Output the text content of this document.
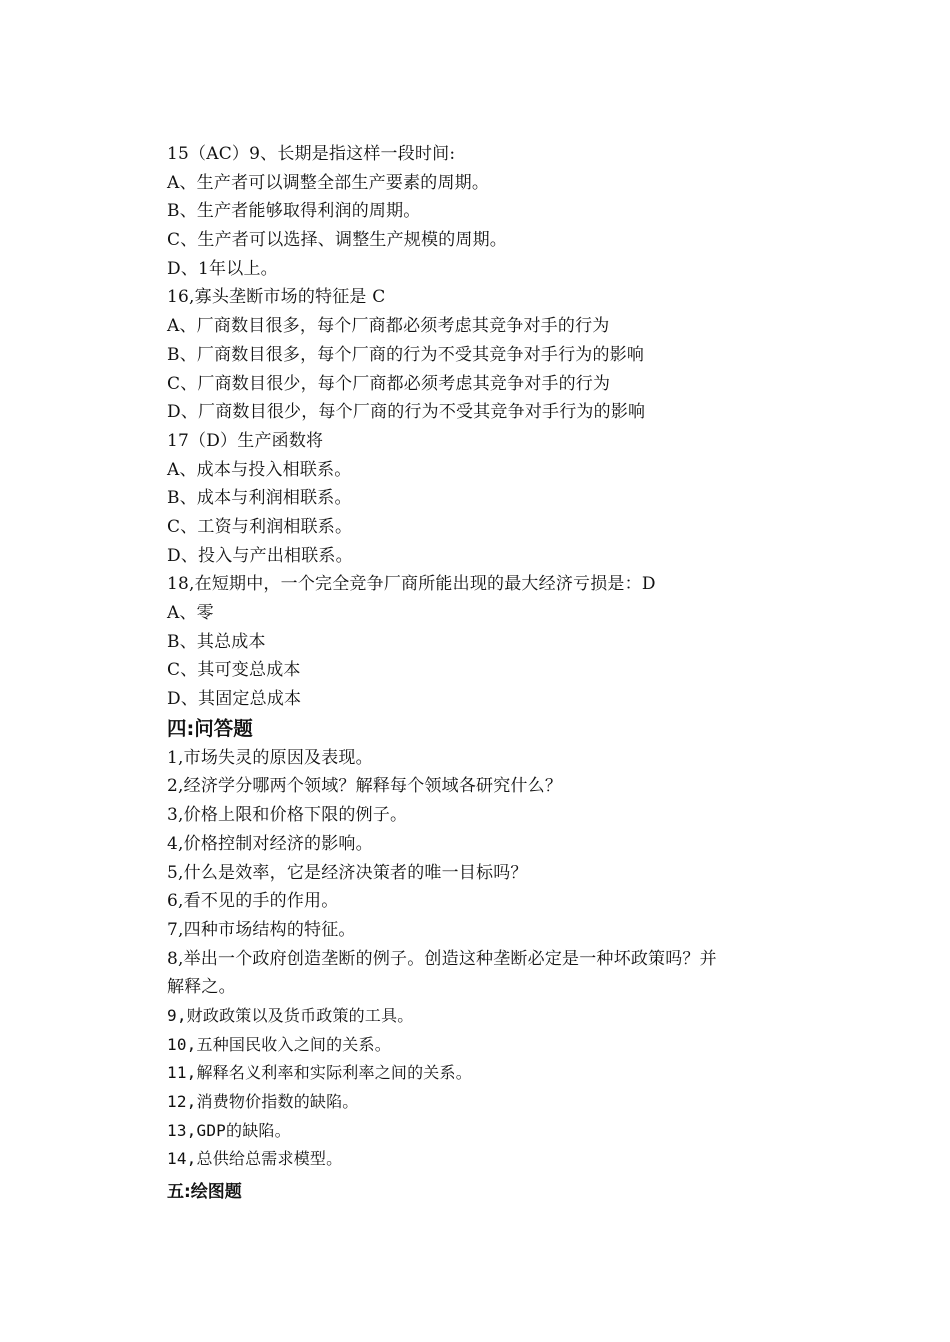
15（AC）9、长期是指这样一段时间:
A、生产者可以调整全部生产要素的周期。
B、生产者能够取得利润的周期。
C、生产者可以选择、调整生产规模的周期。
D、1年以上。
16,寡头垄断市场的特征是 C
A、厂商数目很多，每个厂商都必须考虑其竞争对手的行为
B、厂商数目很多，每个厂商的行为不受其竞争对手行为的影响
C、厂商数目很少，每个厂商都必须考虑其竞争对手的行为
D、厂商数目很少，每个厂商的行为不受其竞争对手行为的影响
17（D）生产函数将
A、成本与投入相联系。
B、成本与利润相联系。
C、工资与利润相联系。
D、投入与产出相联系。
18,在短期中，一个完全竞争厂商所能出现的最大经济亏损是：D
A、零
B、其总成本
C、其可变总成本
D、其固定总成本
四:问答题
1,市场失灵的原因及表现。
2,经济学分哪两个领域？解释每个领域各研究什么？
3,价格上限和价格下限的例子。
4,价格控制对经济的影响。
5,什么是效率，它是经济决策者的唯一目标吗？
6,看不见的手的作用。
7,四种市场结构的特征。
8,举出一个政府创造垄断的例子。创造这种垄断必定是一种坏政策吗？并
解释之。
9,财政政策以及货币政策的工具。
10,五种国民收入之间的关系。
11,解释名义利率和实际利率之间的关系。
12,消费物价指数的缺陷。
13,GDP的缺陷。
14,总供给总需求模型。
五:绘图题
